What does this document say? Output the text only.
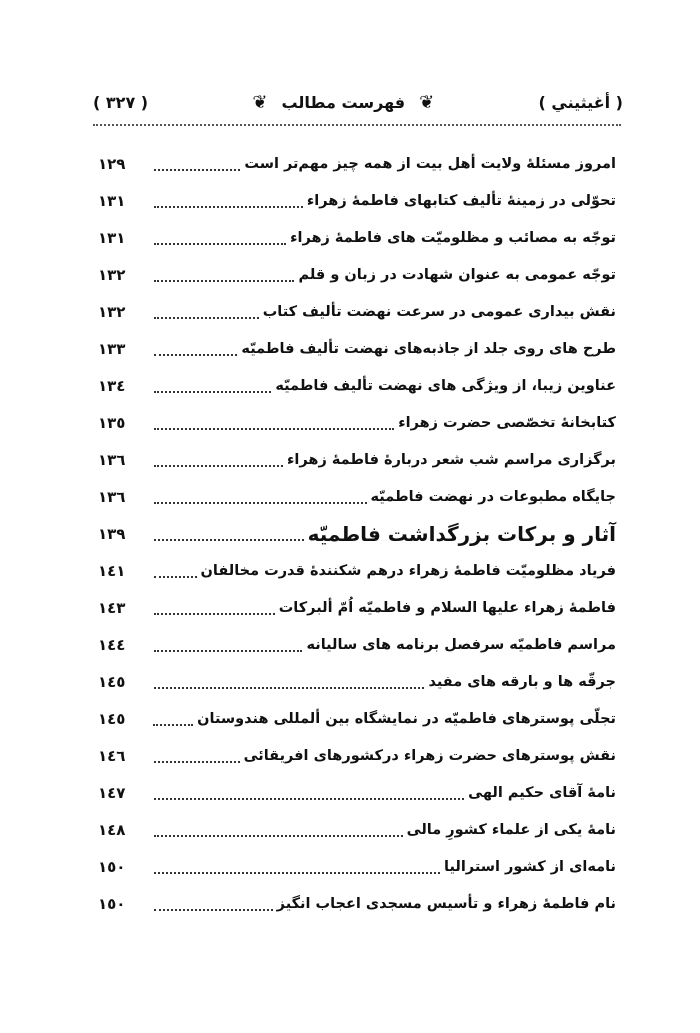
( أغيثيني )
❦
فهرست مطالب
❦
( ٣٢٧ )
امروز مسئلۀ ولایت أهل بیت از همه چیز مهم‌تر است
١٢٩
تحوّلی در زمینۀ تألیف کتابهای فاطمۀ زهراء
١٣١
توجّه به مصائب و مظلومیّت های فاطمۀ زهراء
١٣١
توجّه عمومی به عنوان شهادت در زبان و قلم
١٣٢
نقش بیداری عمومی در سرعت نهضت تألیف کتاب
١٣٢
طرح های روی جلد از جاذبه‌های نهضت تألیف فاطمیّه
١٣٣
عناوین زیبا، از ویژگی های نهضت تألیف فاطمیّه
١٣٤
کتابخانۀ تخصّصی حضرت زهراء
١٣٥
برگزاری مراسم شب شعر دربارۀ فاطمۀ زهراء
١٣٦
جایگاه مطبوعات در نهضت فاطمیّه
١٣٦
آثار و برکات بزرگداشت فاطمیّه
١٣٩
فریاد مظلومیّت فاطمۀ زهراء درهم شکنندۀ قدرت مخالفان
١٤١
فاطمۀ زهراء عليها السلام و فاطمیّه اُمّ ألبرکات
١٤٣
مراسم فاطمیّه سرفصل برنامه های سالیانه
١٤٤
جرقّه ها و بارقه های مفید
١٤٥
تجلّی پوسترهای فاطمیّه در نمایشگاه بین ألمللی هندوستان
١٤٥
نقش پوسترهای حضرت زهراء درکشورهای افریقائی
١٤٦
نامۀ آقای حکیم الهی
١٤٧
نامۀ یکی از علماء کشورِ مالی
١٤٨
نامه‌ای از کشور استرالیا
١٥٠
نام فاطمۀ زهراء و تأسیس مسجدی اعجاب انگیز
١٥٠
